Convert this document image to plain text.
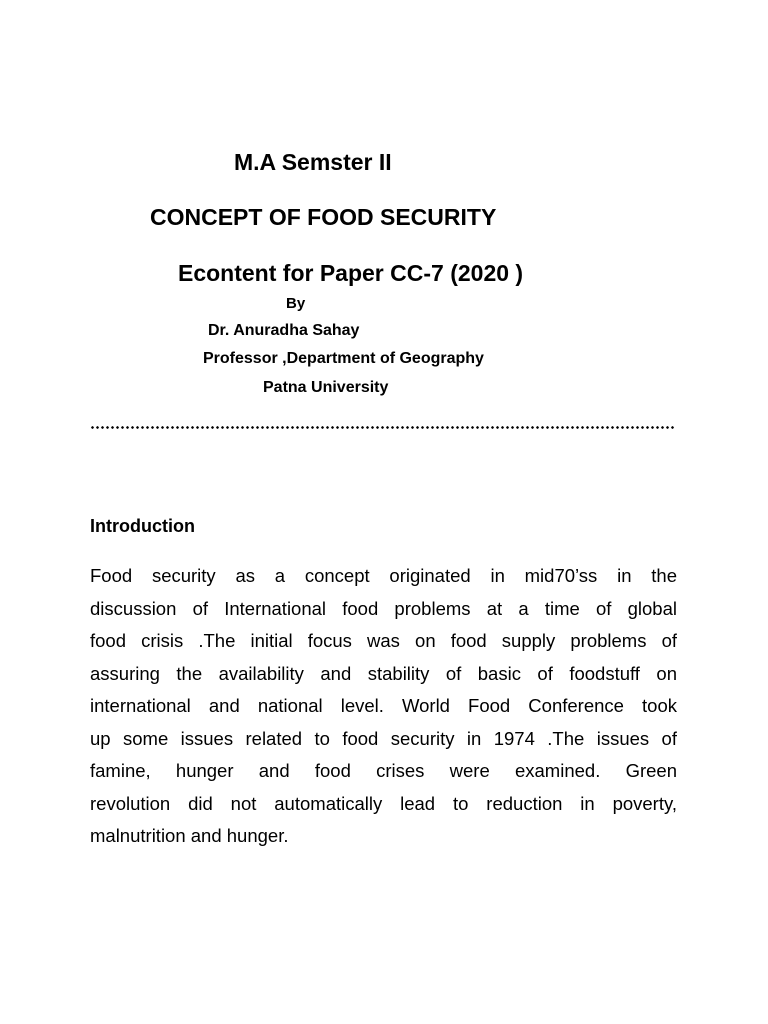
M.A Semster II
CONCEPT OF FOOD SECURITY
Econtent for Paper CC-7 (2020 )
By
Dr. Anuradha Sahay
Professor ,Department of Geography
Patna University
Introduction
Food security as a concept originated in mid70’ss in the
discussion of International food problems at a time of global
food crisis .The initial focus was on food supply problems of
assuring the availability and stability of basic of foodstuff on
international and national level. World Food Conference took
up some issues related to food security in 1974 .The issues of
famine, hunger and food crises were examined. Green
revolution did not automatically lead to reduction in poverty,
malnutrition and hunger.
